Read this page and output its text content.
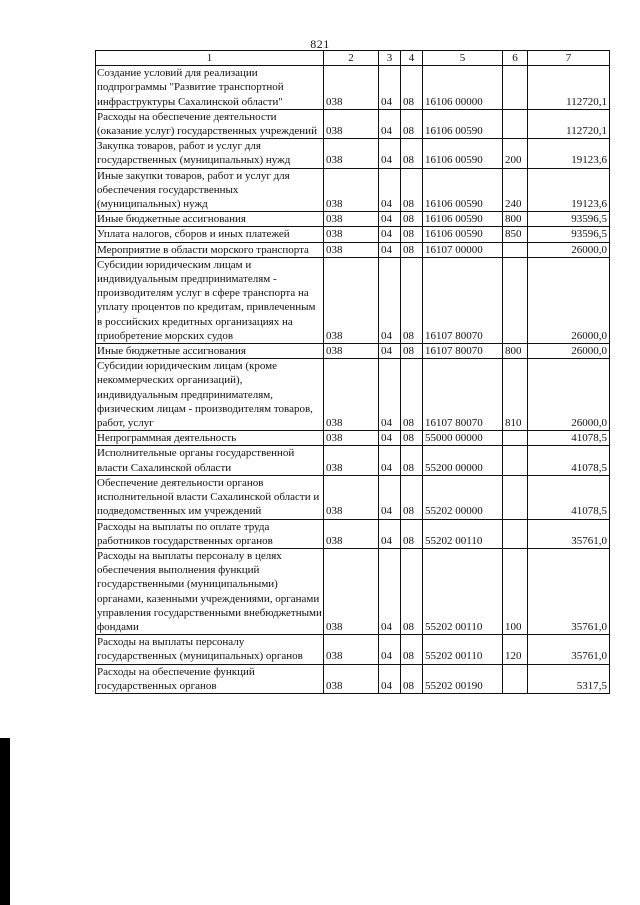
821
1	2	3	4	5	6	7
Создание условий для реализации подпрограммы "Развитие транспортной инфраструктуры Сахалинской области"	038	04	08	16106 00000		112720,1
Расходы на обеспечение деятельности (оказание услуг) государственных учреждений	038	04	08	16106 00590		112720,1
Закупка товаров, работ и услуг для государственных (муниципальных) нужд	038	04	08	16106 00590	200	19123,6
Иные закупки товаров, работ и услуг для обеспечения государственных (муниципальных) нужд	038	04	08	16106 00590	240	19123,6
Иные бюджетные ассигнования	038	04	08	16106 00590	800	93596,5
Уплата налогов, сборов и иных платежей	038	04	08	16106 00590	850	93596,5
Мероприятие в области морского транспорта	038	04	08	16107 00000		26000,0
Субсидии юридическим лицам и индивидуальным предпринимателям - производителям услуг в сфере транспорта на уплату процентов по кредитам, привлеченным в российских кредитных организациях на приобретение морских судов	038	04	08	16107 80070		26000,0
Иные бюджетные ассигнования	038	04	08	16107 80070	800	26000,0
Субсидии юридическим лицам (кроме некоммерческих организаций), индивидуальным предпринимателям, физическим лицам - производителям товаров, работ, услуг	038	04	08	16107 80070	810	26000,0
Непрограммная деятельность	038	04	08	55000 00000		41078,5
Исполнительные органы государственной власти Сахалинской области	038	04	08	55200 00000		41078,5
Обеспечение деятельности органов исполнительной власти Сахалинской области и подведомственных им учреждений	038	04	08	55202 00000		41078,5
Расходы на выплаты по оплате труда работников государственных органов	038	04	08	55202 00110		35761,0
Расходы на выплаты персоналу в целях обеспечения выполнения функций государственными (муниципальными) органами, казенными учреждениями, органами управления государственными внебюджетными фондами	038	04	08	55202 00110	100	35761,0
Расходы на выплаты персоналу государственных (муниципальных) органов	038	04	08	55202 00110	120	35761,0
Расходы на обеспечение функций государственных органов	038	04	08	55202 00190		5317,5
